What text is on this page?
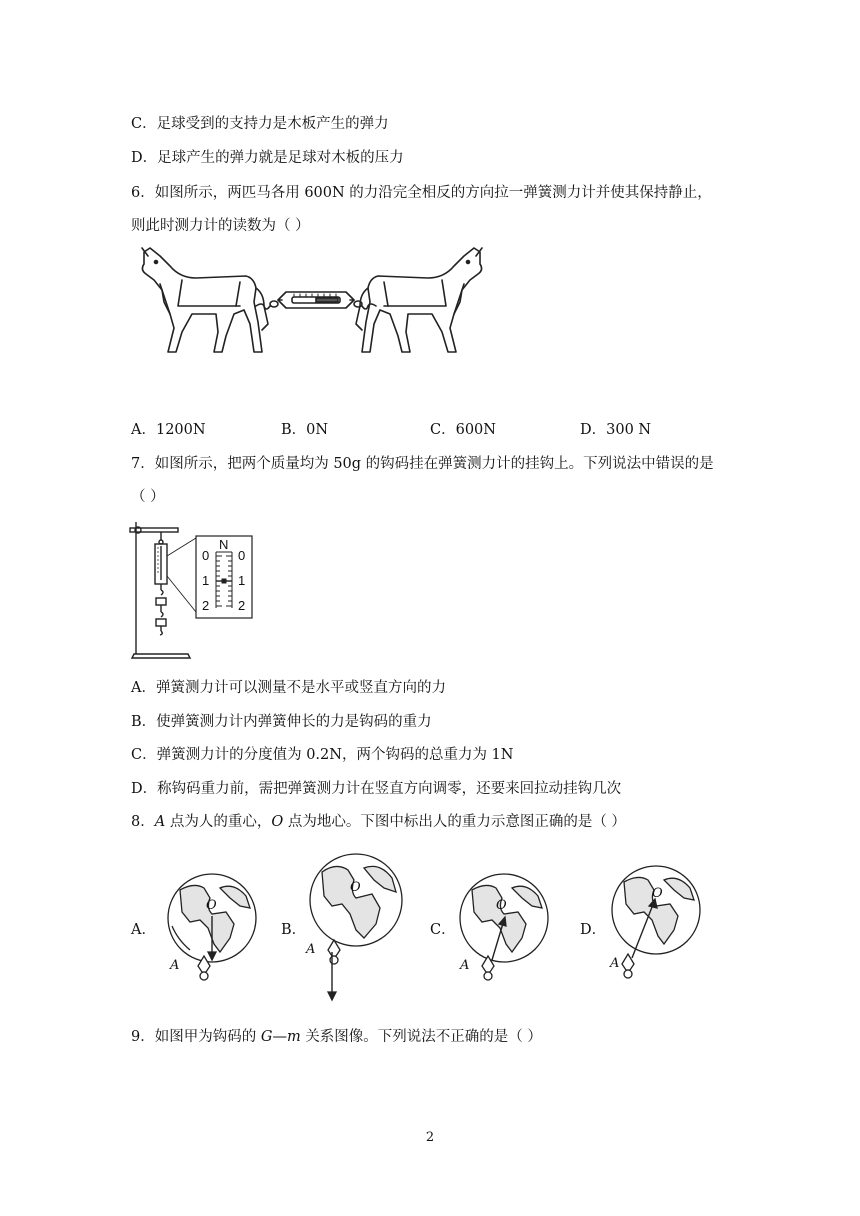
C．足球受到的支持力是木板产生的弹力
D．足球产生的弹力就是足球对木板的压力
6．如图所示，两匹马各用 600N 的力沿完全相反的方向拉一弹簧测力计并使其保持静止，
则此时测力计的读数为（ ）
A．1200N	B．0N	C．600N	D．300 N
7．如图所示，把两个质量均为 50g 的钩码挂在弹簧测力计的挂钩上。下列说法中错误的是
（ ）
N
0 0
1 1
2 2
A．弹簧测力计可以测量不是水平或竖直方向的力
B．使弹簧测力计内弹簧伸长的力是钩码的重力
C．弹簧测力计的分度值为 0.2N，两个钩码的总重力为 1N
D．称钩码重力前，需把弹簧测力计在竖直方向调零，还要来回拉动挂钩几次
8．A 点为人的重心，O 点为地心。下图中标出人的重力示意图正确的是（ ）
A．	B．	C．	D．
O
A
O
A
O
A
O
A
9．如图甲为钩码的 G—m 关系图像。下列说法不正确的是（ ）
2
